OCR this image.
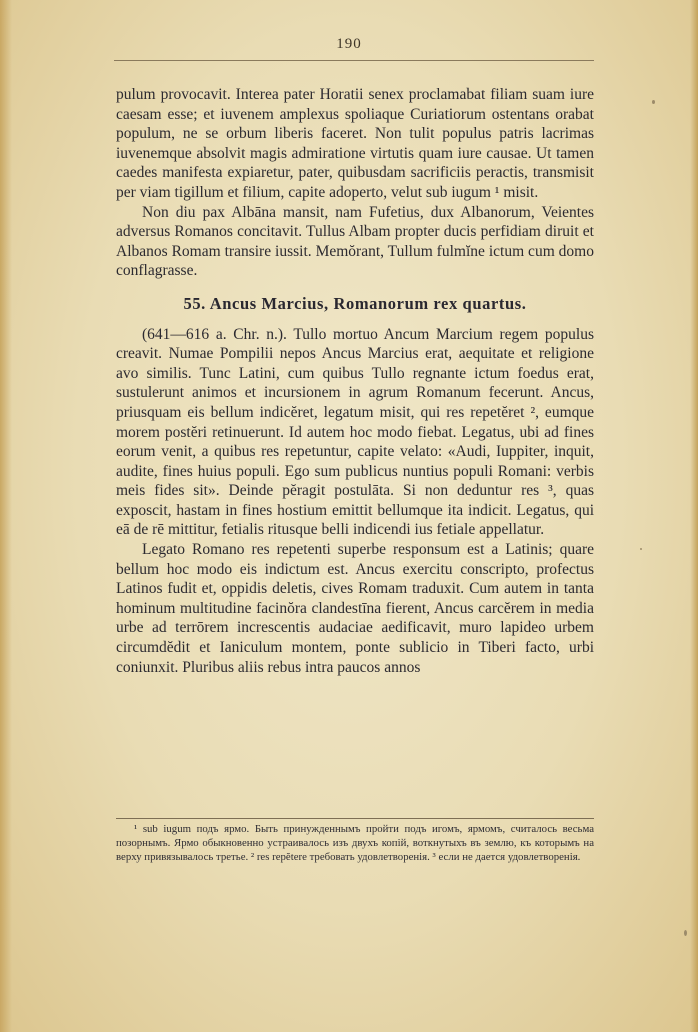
190

pulum provocavit. Interea pater Horatii senex proclamabat filiam suam iure caesam esse; et iuvenem amplexus spoliaque Curiatiorum ostentans orabat populum, ne se orbum liberis faceret. Non tulit populus patris lacrimas iuvenemque absolvit magis admiratione virtutis quam iure causae. Ut tamen caedes manifesta expiaretur, pater, quibusdam sacrificiis peractis, transmisit per viam tigillum et filium, capite adoperto, velut sub iugum ¹ misit.

Non diu pax Albāna mansit, nam Fufetius, dux Albanorum, Veientes adversus Romanos concitavit. Tullus Albam propter ducis perfidiam diruit et Albanos Romam transire iussit. Memŏrant, Tullum fulmĭne ictum cum domo conflagrasse.

55. Ancus Marcius, Romanorum rex quartus.

(641—616 a. Chr. n.). Tullo mortuo Ancum Marcium regem populus creavit. Numae Pompilii nepos Ancus Marcius erat, aequitate et religione avo similis. Tunc Latini, cum quibus Tullo regnante ictum foedus erat, sustulerunt animos et incursionem in agrum Romanum fecerunt. Ancus, priusquam eis bellum indicĕret, legatum misit, qui res repetĕret ², eumque morem postĕri retinuerunt. Id autem hoc modo fiebat. Legatus, ubi ad fines eorum venit, a quibus res repetuntur, capite velato: «Audi, Iuppiter, inquit, audite, fines huius populi. Ego sum publicus nuntius populi Romani: verbis meis fides sit». Deinde pĕragit postulāta. Si non deduntur res ³, quas exposcit, hastam in fines hostium emittit bellumque ita indicit. Legatus, qui eā de rē mittitur, fetialis ritusque belli indicendi ius fetiale appellatur.

Legato Romano res repetenti superbe responsum est a Latinis; quare bellum hoc modo eis indictum est. Ancus exercitu conscripto, profectus Latinos fudit et, oppidis deletis, cives Romam traduxit. Cum autem in tanta hominum multitudine facinŏra clandestīna fierent, Ancus carcĕrem in media urbe ad terrōrem increscentis audaciae aedificavit, muro lapideo urbem circumdĕdit et Ianiculum montem, ponte sublicio in Tiberi facto, urbi coniunxit. Pluribus aliis rebus intra paucos annos

¹ sub iugum подъ ярмо. Быть принужденнымъ пройти подъ игомъ, ярмомъ, считалось весьма позорнымъ. Ярмо обыкновенно устраивалось изъ двухъ копій, воткнутыхъ въ землю, къ которымъ на верху привязывалось третье. ² res repĕtere требовать удовлетворенія. ³ если не дается удовлетворенія.
